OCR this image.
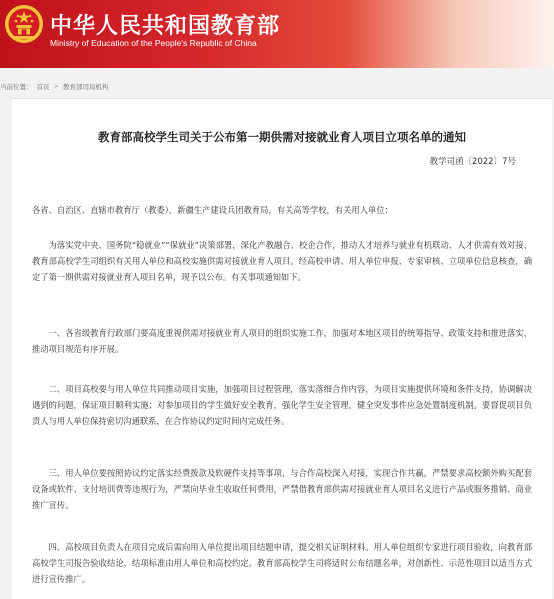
中华人民共和国教育部
Ministry of Education of the People's Republic of China
当前位置： 首页 > 教育部司局机构
教育部高校学生司关于公布第一期供需对接就业育人项目立项名单的通知
教学司函〔2022〕7号

各省、自治区、直辖市教育厅（教委），新疆生产建设兵团教育局，有关高等学校，有关用人单位：

为落实党中央、国务院“稳就业”“保就业”决策部署，深化产教融合、校企合作，推动人才培养与就业有机联动、人才供需有效对接，教育部高校学生司组织有关用人单位和高校实施供需对接就业育人项目。经高校申请、用人单位申报、专家审核、立项单位信息核查，确定了第一期供需对接就业育人项目名单，现予以公布。有关事项通知如下。

一、各省级教育行政部门要高度重视供需对接就业育人项目的组织实施工作，加强对本地区项目的统筹指导、政策支持和推进落实，推动项目规范有序开展。

二、项目高校要与用人单位共同推动项目实施，加强项目过程管理，落实落细合作内容，为项目实施提供环境和条件支持，协调解决遇到的问题，保证项目顺利实施；对参加项目的学生做好安全教育，强化学生安全管理，健全突发事件应急处置制度机制。要督促项目负责人与用人单位保持密切沟通联系，在合作协议约定时间内完成任务。

三、用人单位要按照协议约定落实经费拨款及软硬件支持等事项，与合作高校深入对接，实现合作共赢。严禁要求高校额外购买配套设备或软件、支付培训费等违规行为，严禁向毕业生收取任何费用，严禁借教育部供需对接就业育人项目名义进行产品或服务推销、商业推广宣传。

四、高校项目负责人在项目完成后需向用人单位提出项目结题申请，提交相关证明材料。用人单位组织专家进行项目验收，向教育部高校学生司报告验收结论，结项标准由用人单位和高校约定。教育部高校学生司将适时公布结题名单，对创新性、示范性项目以适当方式进行宣传推广。
